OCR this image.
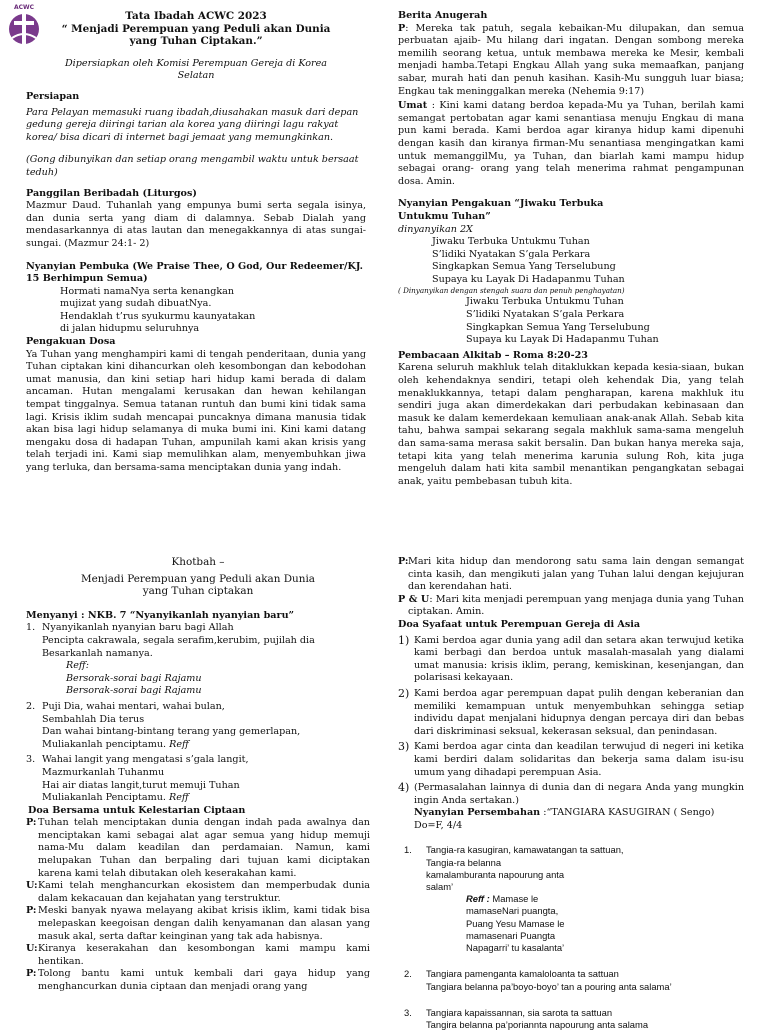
ACWC
Tata Ibadah ACWC 2023
“ Menjadi Perempuan yang Peduli akan Dunia
yang Tuhan Ciptakan.”
Dipersiapkan oleh Komisi Perempuan Gereja di Korea
Selatan
Persiapan
Para Pelayan memasuki ruang ibadah,diusahakan masuk dari depan gedung gereja diiringi tarian ala korea yang diiringi lagu rakyat korea/ bisa dicari di internet bagi jemaat yang memungkinkan.
(Gong dibunyikan dan setiap orang mengambil waktu untuk bersaat teduh)
Panggilan Beribadah (Liturgos)
Mazmur Daud. Tuhanlah yang empunya bumi serta segala isinya, dan dunia serta yang diam di dalamnya. Sebab Dialah yang mendasarkannya di atas lautan dan menegakkannya di atas sungai-sungai. (Mazmur 24:1- 2)
Nyanyian Pembuka (We Praise Thee, O God, Our Redeemer/KJ. 15 Berhimpun Semua)
Hormati namaNya serta kenangkan
mujizat yang sudah dibuatNya.
Hendaklah t’rus syukurmu kaunyatakan
di jalan hidupmu seluruhnya
Pengakuan Dosa
Ya Tuhan yang menghampiri kami di tengah penderitaan, dunia yang Tuhan ciptakan kini dihancurkan oleh kesombongan dan kebodohan umat manusia, dan kini setiap hari hidup kami berada di dalam ancaman. Hutan mengalami kerusakan dan hewan kehilangan tempat tinggalnya. Semua tatanan runtuh dan bumi kini tidak sama lagi. Krisis iklim sudah mencapai puncaknya dimana manusia tidak akan bisa lagi hidup selamanya di muka bumi ini. Kini kami datang mengaku dosa di hadapan Tuhan, ampunilah kami akan krisis yang telah terjadi ini. Kami siap memulihkan alam, menyembuhkan jiwa yang terluka, dan bersama-sama menciptakan dunia yang indah.
Berita Anugerah
P: Mereka tak patuh, segala kebaikan-Mu dilupakan, dan semua perbuatan ajaib- Mu hilang dari ingatan. Dengan sombong mereka memilih seorang ketua, untuk membawa mereka ke Mesir, kembali menjadi hamba.Tetapi Engkau Allah yang suka memaafkan, panjang sabar, murah hati dan penuh kasihan. Kasih-Mu sungguh luar biasa; Engkau tak meninggalkan mereka (Nehemia 9:17)
Umat : Kini kami datang berdoa kepada-Mu ya Tuhan, berilah kami semangat pertobatan agar kami senantiasa menuju Engkau di mana pun kami berada. Kami berdoa agar kiranya hidup kami dipenuhi dengan kasih dan kiranya firman-Mu senantiasa mengingatkan kami untuk memanggilMu, ya Tuhan, dan biarlah kami mampu hidup sebagai orang- orang yang telah menerima rahmat pengampunan dosa. Amin.
Nyanyian Pengakuan “Jiwaku Terbuka
Untukmu Tuhan”
dinyanyikan 2X
Jiwaku Terbuka Untukmu Tuhan
S’lidiki Nyatakan S’gala Perkara
Singkapkan Semua Yang Terselubung
Supaya ku Layak Di Hadapanmu Tuhan
( Dinyanyikan dengan stengah suara dan penuh penghayatan)
Jiwaku Terbuka Untukmu Tuhan
S’lidiki Nyatakan S’gala Perkara
Singkapkan Semua Yang Terselubung
Supaya ku Layak Di Hadapanmu Tuhan
Pembacaan Alkitab – Roma 8:20-23
Karena seluruh makhluk telah ditaklukkan kepada kesia-siaan, bukan oleh kehendaknya sendiri, tetapi oleh kehendak Dia, yang telah menaklukkannya, tetapi dalam pengharapan, karena makhluk itu sendiri juga akan dimerdekakan dari perbudakan kebinasaan dan masuk ke dalam kemerdekaan kemuliaan anak-anak Allah. Sebab kita tahu, bahwa sampai sekarang segala makhluk sama-sama mengeluh dan sama-sama merasa sakit bersalin. Dan bukan hanya mereka saja, tetapi kita yang telah menerima karunia sulung Roh, kita juga mengeluh dalam hati kita sambil menantikan pengangkatan sebagai anak, yaitu pembebasan tubuh kita.
Khotbah –
Menjadi Perempuan yang Peduli akan Dunia
yang Tuhan ciptakan
Menyanyi : NKB. 7 “Nyanyikanlah nyanyian baru”
1. Nyanyikanlah nyanyian baru bagi Allah
Pencipta cakrawala, segala serafim,kerubim, pujilah dia
Besarkanlah namanya.
Reff:
Bersorak-sorai bagi Rajamu
Bersorak-sorai bagi Rajamu
2. Puji Dia, wahai mentari, wahai bulan,
Sembahlah Dia terus
Dan wahai bintang-bintang terang yang gemerlapan,
Muliakanlah penciptamu. Reff
3. Wahai langit yang mengatasi s’gala langit,
Mazmurkanlah Tuhanmu
Hai air diatas langit,turut memuji Tuhan
Muliakanlah Penciptamu. Reff
Doa Bersama untuk Kelestarian Ciptaan
P: Tuhan telah menciptakan dunia dengan indah pada awalnya dan menciptakan kami sebagai alat agar semua yang hidup memuji nama-Mu dalam keadilan dan perdamaian. Namun, kami melupakan Tuhan dan berpaling dari tujuan kami diciptakan karena kami telah dibutakan oleh keserakahan kami.
U: Kami telah menghancurkan ekosistem dan memperbudak dunia dalam kekacauan dan kejahatan yang terstruktur.
P: Meski banyak nyawa melayang akibat krisis iklim, kami tidak bisa melepaskan keegoisan dengan dalih kenyamanan dan alasan yang masuk akal, serta daftar keinginan yang tak ada habisnya.
U: Kiranya keserakahan dan kesombongan kami mampu kami hentikan.
P: Tolong bantu kami untuk kembali dari gaya hidup yang menghancurkan dunia ciptaan dan menjadi orang yang
P: Mari kita hidup dan mendorong satu sama lain dengan semangat cinta kasih, dan mengikuti jalan yang Tuhan lalui dengan kejujuran dan kerendahan hati.
P & U: Mari kita menjadi perempuan yang menjaga dunia yang Tuhan ciptakan. Amin.
Doa Syafaat untuk Perempuan Gereja di Asia
1) Kami berdoa agar dunia yang adil dan setara akan terwujud ketika kami berbagi dan berdoa untuk masalah-masalah yang dialami umat manusia: krisis iklim, perang, kemiskinan, kesenjangan, dan polarisasi kekayaan.
2) Kami berdoa agar perempuan dapat pulih dengan keberanian dan memiliki kemampuan untuk menyembuhkan sehingga setiap individu dapat menjalani hidupnya dengan percaya diri dan bebas dari diskriminasi seksual, kekerasan seksual, dan penindasan.
3) Kami berdoa agar cinta dan keadilan terwujud di negeri ini ketika kami berdiri dalam solidaritas dan bekerja sama dalam isu-isu umum yang dihadapi perempuan Asia.
4) (Permasalahan lainnya di dunia dan di negara Anda yang mungkin ingin Anda sertakan.)
Nyanyian Persembahan :“TANGIARA KASUGIRAN ( Sengo) Do=F, 4/4
1. Tangia-ra kasugiran, kamawatangan ta sattuan,
Tangia-ra belanna
kamalamburanta napourung anta
salam’
Reff : Mamase le
mamaseNari puangta,
Puang Yesu Mamase le
mamasenari Puangta
Napagarri’ tu kasalanta’
2. Tangiara pamenganta kamaloloanta ta sattuan
Tangiara belanna pa’boyo-boyo’ tan a pouring anta salama’
3. Tangiara kapaissannan, sia sarota ta sattuan
Tangira belanna pa’poriannta napourung anta salama
